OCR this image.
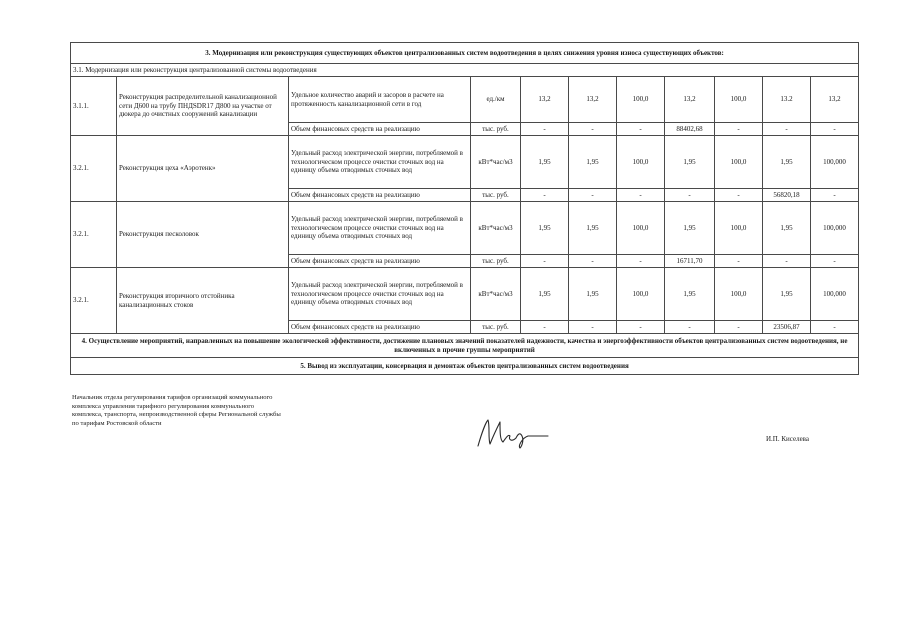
3. Модернизация или реконструкция существующих объектов централизованных систем водоотведения в целях снижения уровня износа существующих объектов:										
3.1. Модернизация или реконструкция централизованной системы водоотведения										
3.1.1.	Реконструкция распределительной канализационной сети Д600 на трубу ПНДSDR17 Д800 на участке от дюкера до очистных сооружений канализации	Удельное количество аварий и засоров в расчете на протяженность канализационной сети в год	ед./км	13,2	13,2	100,0	13,2	100,0	13.2	13,2
		Объем финансовых средств на реализацию	тыс. руб.	-	-	-	88402,68	-	-	-
3.2.1.	Реконструкция цеха «Аэротенк»	Удельный расход электрической энергии, потребляемой в технологическом процессе очистки сточных вод на единицу объема отводимых сточных вод	кВт*час/м3	1,95	1,95	100,0	1,95	100,0	1,95	100,000
		Объем финансовых средств на реализацию	тыс. руб.	-	-	-	-	-	56820,18	-
3.2.1.	Реконструкция песколовок	Удельный расход электрической энергии, потребляемой в технологическом процессе очистки сточных вод на единицу объема отводимых сточных вод	кВт*час/м3	1,95	1,95	100,0	1,95	100,0	1,95	100,000
		Объем финансовых средств на реализацию	тыс. руб.	-	-	-	16711,70	-	-	-
3.2.1.	Реконструкция вторичного отстойника канализационных стоков	Удельный расход электрической энергии, потребляемой в технологическом процессе очистки сточных вод на единицу объема отводимых сточных вод	кВт*час/м3	1,95	1,95	100,0	1,95	100,0	1,95	100,000
		Объем финансовых средств на реализацию	тыс. руб.	-	-	-	-	-	23506,87	-
4. Осуществление мероприятий, направленных на повышение экологической эффективности, достижение плановых значений показателей надежности, качества и энергоэффективности объектов централизованных систем водоотведения, не включенных в прочие группы мероприятий										
5. Вывод из эксплуатации, консервация и демонтаж объектов централизованных систем водоотведения										
Начальник отдела регулирования тарифов организаций коммунального комплекса управления тарифного регулирования коммунального комплекса, транспорта, непроизводственной сферы Региональной службы по тарифам Ростовской области
И.П. Киселева
